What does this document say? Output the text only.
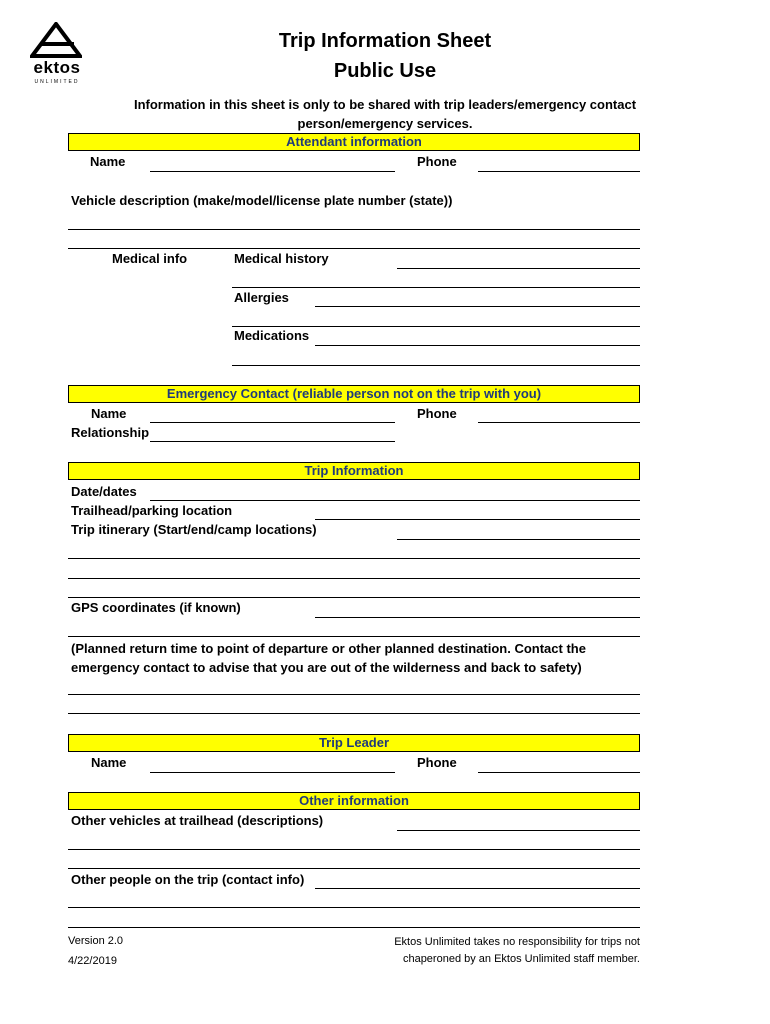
ektos
UNLIMITED
Trip Information Sheet
Public Use
Information in this sheet is only to be shared with trip leaders/emergency contact person/emergency services.
Attendant information
Name	Phone
Vehicle description (make/model/license plate number (state))
Medical info	Medical history
Allergies
Medications
Emergency Contact (reliable person not on the trip with you)
Name	Phone
Relationship
Trip Information
Date/dates
Trailhead/parking location
Trip itinerary (Start/end/camp locations)
GPS coordinates (if known)
(Planned return time to point of departure or other planned destination. Contact the emergency contact to advise that you are out of the wilderness and back to safety)
Trip Leader
Name	Phone
Other information
Other vehicles at trailhead (descriptions)
Other people on the trip (contact info)
Version 2.0
4/22/2019
Ektos Unlimited takes no responsibility for trips not chaperoned by an Ektos Unlimited staff member.
